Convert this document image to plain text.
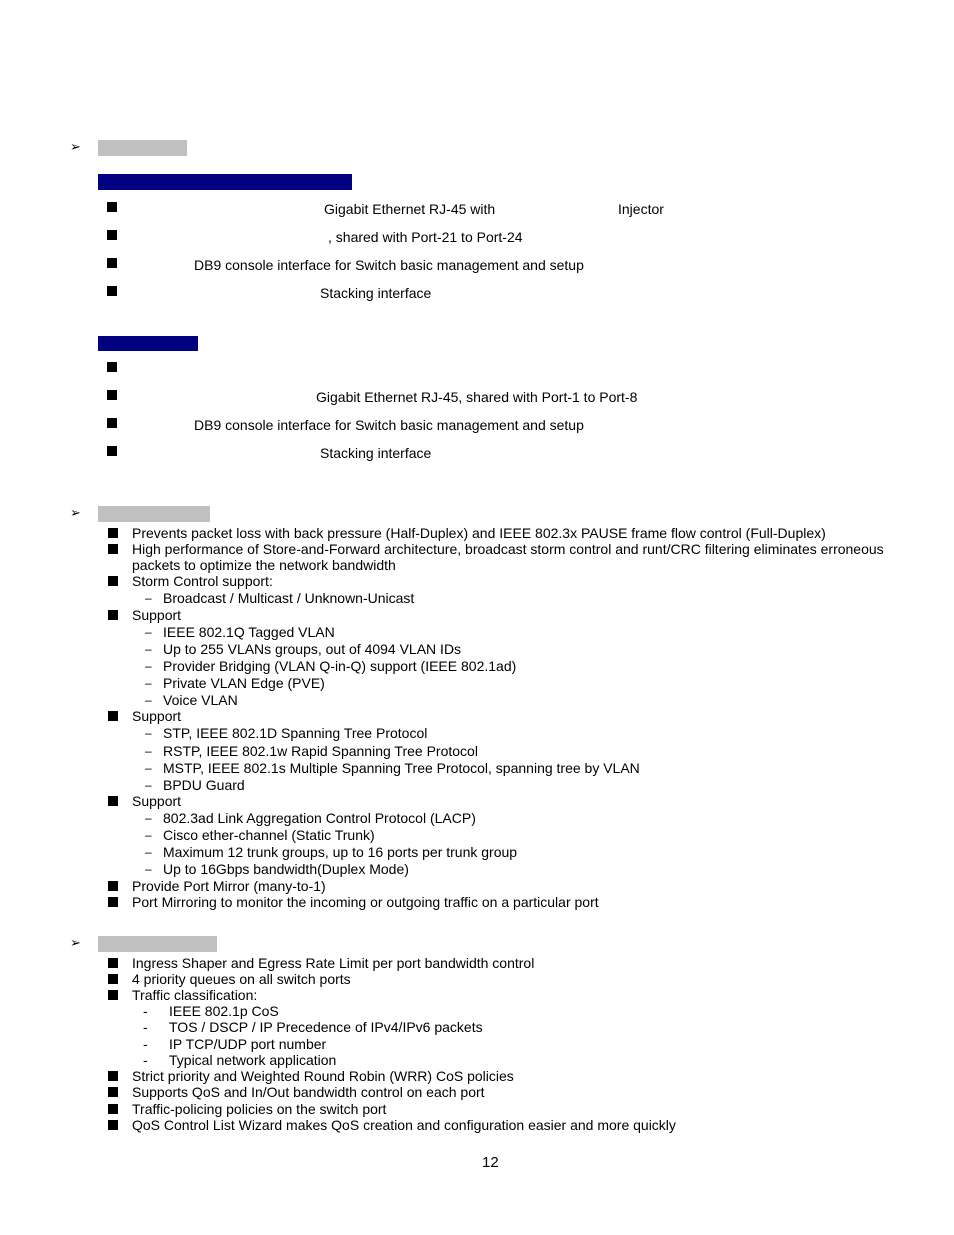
➢
Gigabit Ethernet RJ-45 with	Injector
, shared with Port-21 to Port-24
DB9 console interface for Switch basic management and setup
Stacking interface
Gigabit Ethernet RJ-45, shared with Port-1 to Port-8
DB9 console interface for Switch basic management and setup
Stacking interface
➢
Prevents packet loss with back pressure (Half-Duplex) and IEEE 802.3x PAUSE frame flow control (Full-Duplex)
High performance of Store-and-Forward architecture, broadcast storm control and runt/CRC filtering eliminates erroneous
packets to optimize the network bandwidth
Storm Control support:
– Broadcast / Multicast / Unknown-Unicast
Support
– IEEE 802.1Q Tagged VLAN
– Up to 255 VLANs groups, out of 4094 VLAN IDs
– Provider Bridging (VLAN Q-in-Q) support (IEEE 802.1ad)
– Private VLAN Edge (PVE)
– Voice VLAN
Support
– STP, IEEE 802.1D Spanning Tree Protocol
– RSTP, IEEE 802.1w Rapid Spanning Tree Protocol
– MSTP, IEEE 802.1s Multiple Spanning Tree Protocol, spanning tree by VLAN
– BPDU Guard
Support
– 802.3ad Link Aggregation Control Protocol (LACP)
– Cisco ether-channel (Static Trunk)
– Maximum 12 trunk groups, up to 16 ports per trunk group
– Up to 16Gbps bandwidth(Duplex Mode)
Provide Port Mirror (many-to-1)
Port Mirroring to monitor the incoming or outgoing traffic on a particular port
➢
Ingress Shaper and Egress Rate Limit per port bandwidth control
4 priority queues on all switch ports
Traffic classification:
- IEEE 802.1p CoS
- TOS / DSCP / IP Precedence of IPv4/IPv6 packets
- IP TCP/UDP port number
- Typical network application
Strict priority and Weighted Round Robin (WRR) CoS policies
Supports QoS and In/Out bandwidth control on each port
Traffic-policing policies on the switch port
QoS Control List Wizard makes QoS creation and configuration easier and more quickly
12
